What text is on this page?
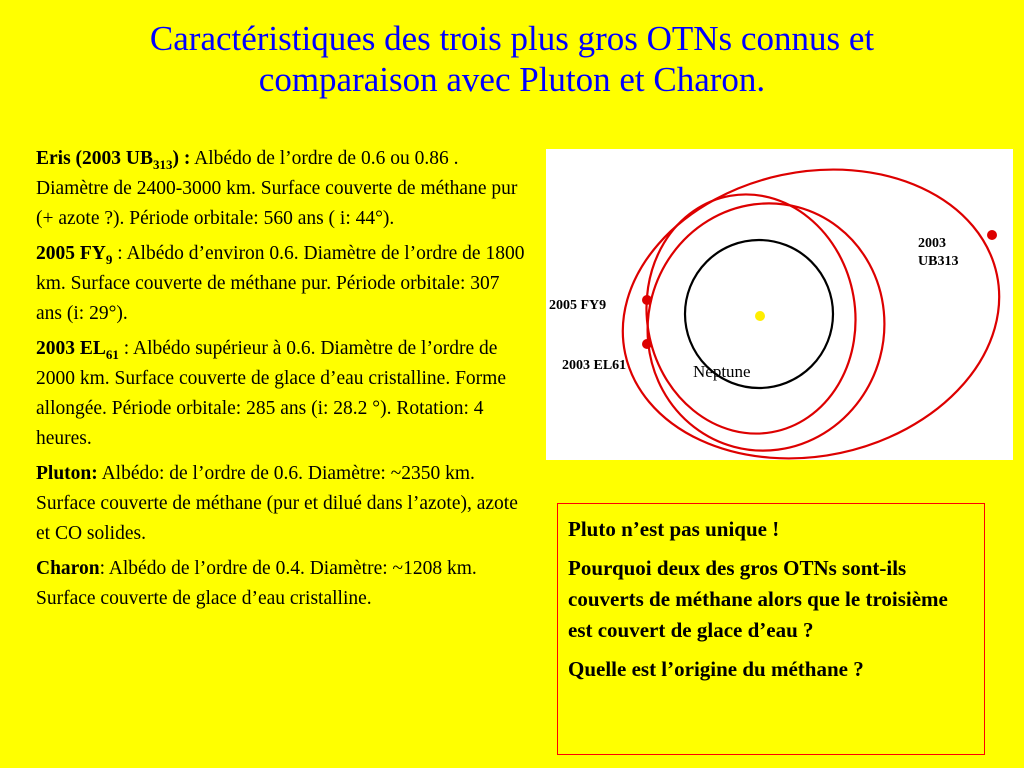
Caractéristiques des trois plus gros OTNs connus et
comparaison avec Pluton et Charon.

Eris (2003 $UB_{313}$) : Albédo de l’ordre de 0.6 ou 0.86 . Diamètre de 2400-3000 km. Surface couverte de méthane pur (+ azote ?). Période orbitale: 560 ans ( i: 44°).

2005 $FY_9$ : Albédo d’environ 0.6. Diamètre de l’ordre de 1800 km. Surface couverte de méthane pur. Période orbitale: 307 ans (i: 29°).

2003 $EL_{61}$ : Albédo supérieur à 0.6. Diamètre de l’ordre de 2000 km. Surface couverte de glace d’eau cristalline. Forme allongée. Période orbitale: 285 ans (i: 28.2 °). Rotation: 4 heures.

Pluton: Albédo: de l’ordre de 0.6. Diamètre: ~2350 km. Surface couverte de méthane (pur et dilué dans l’azote), azote et CO solides.

Charon: Albédo de l’ordre de 0.4. Diamètre: ~1208 km. Surface couverte de glace d’eau cristalline.

2003
UB313
2005 FY9
2003 EL61	Neptune

Pluto n’est pas unique !

Pourquoi deux des gros OTNs sont-ils couverts de méthane alors que le troisième est couvert de glace d’eau ?

Quelle est l’origine du méthane ?
